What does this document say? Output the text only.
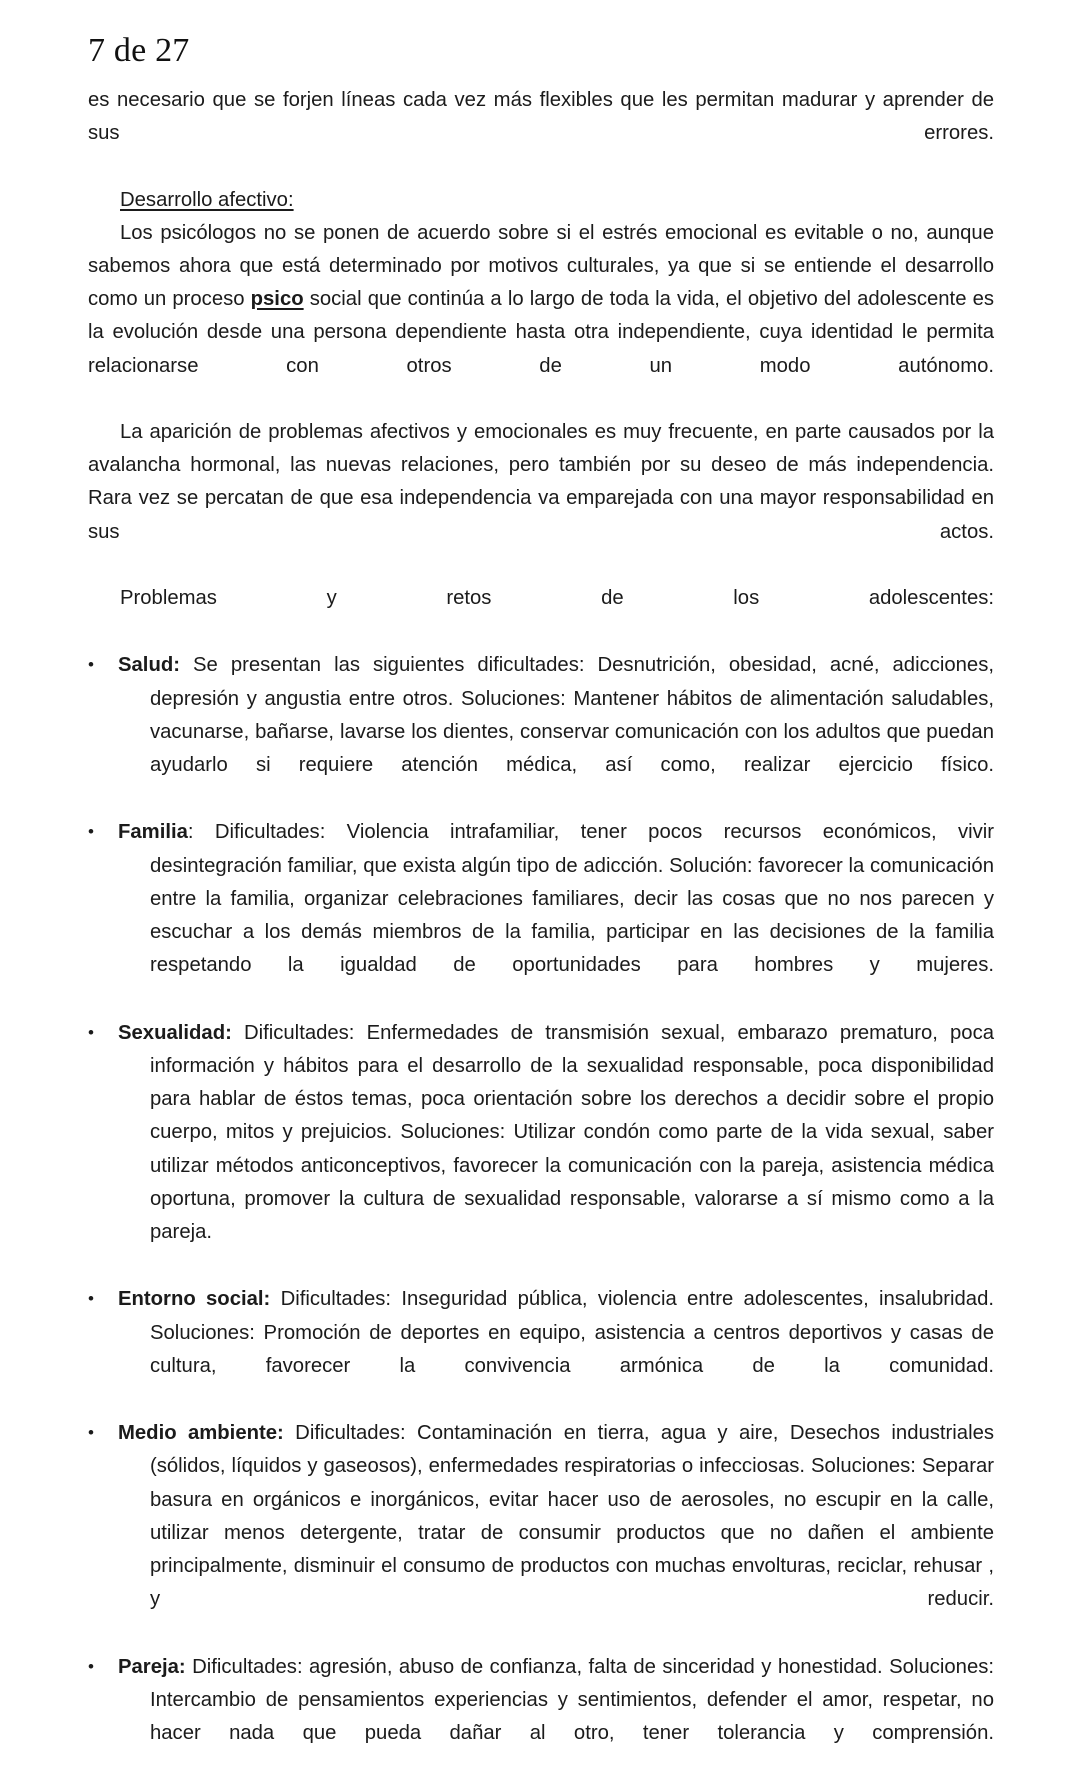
7 de 27

es necesario que se forjen líneas cada vez más flexibles que les permitan madurar y aprender de sus errores.

Desarrollo afectivo:

Los psicólogos no se ponen de acuerdo sobre si el estrés emocional es evitable o no, aunque sabemos ahora que está determinado por motivos culturales, ya que si se entiende el desarrollo como un proceso psico social que continúa a lo largo de toda la vida, el objetivo del adolescente es la evolución desde una persona dependiente hasta otra independiente, cuya identidad le permita relacionarse con otros de un modo autónomo.

La aparición de problemas afectivos y emocionales es muy frecuente, en parte causados por la avalancha hormonal, las nuevas relaciones, pero también por su deseo de más independencia. Rara vez se percatan de que esa independencia va emparejada con una mayor responsabilidad en sus actos.

Problemas y retos de los adolescentes:

•Salud: Se presentan las siguientes dificultades: Desnutrición, obesidad, acné, adicciones, depresión y angustia entre otros. Soluciones: Mantener hábitos de alimentación saludables, vacunarse, bañarse, lavarse los dientes, conservar comunicación con los adultos que puedan ayudarlo si requiere atención médica, así como, realizar ejercicio físico.
•Familia: Dificultades: Violencia intrafamiliar, tener pocos recursos económicos, vivir desintegración familiar, que exista algún tipo de adicción. Solución: favorecer la comunicación entre la familia, organizar celebraciones familiares, decir las cosas que no nos parecen y escuchar a los demás miembros de la familia, participar en las decisiones de la familia respetando la igualdad de oportunidades para hombres y mujeres.
•Sexualidad: Dificultades: Enfermedades de transmisión sexual, embarazo prematuro, poca información y hábitos para el desarrollo de la sexualidad responsable, poca disponibilidad para hablar de éstos temas, poca orientación sobre los derechos a decidir sobre el propio cuerpo, mitos y prejuicios. Soluciones: Utilizar condón como parte de la vida sexual, saber utilizar métodos anticonceptivos, favorecer la comunicación con la pareja, asistencia médica oportuna, promover la cultura de sexualidad responsable, valorarse a sí mismo como a la pareja.
•Entorno social: Dificultades: Inseguridad pública, violencia entre adolescentes, insalubridad. Soluciones: Promoción de deportes en equipo, asistencia a centros deportivos y casas de cultura, favorecer la convivencia armónica de la comunidad.
•Medio ambiente: Dificultades: Contaminación en tierra, agua y aire, Desechos industriales (sólidos, líquidos y gaseosos), enfermedades respiratorias o infecciosas. Soluciones: Separar basura en orgánicos e inorgánicos, evitar hacer uso de aerosoles, no escupir en la calle, utilizar menos detergente, tratar de consumir productos que no dañen el ambiente principalmente, disminuir el consumo de productos con muchas envolturas, reciclar, rehusar , y reducir.
•Pareja: Dificultades: agresión, abuso de confianza, falta de sinceridad y honestidad. Soluciones: Intercambio de pensamientos experiencias y sentimientos, defender el amor, respetar, no hacer nada que pueda dañar al otro, tener tolerancia y comprensión.
